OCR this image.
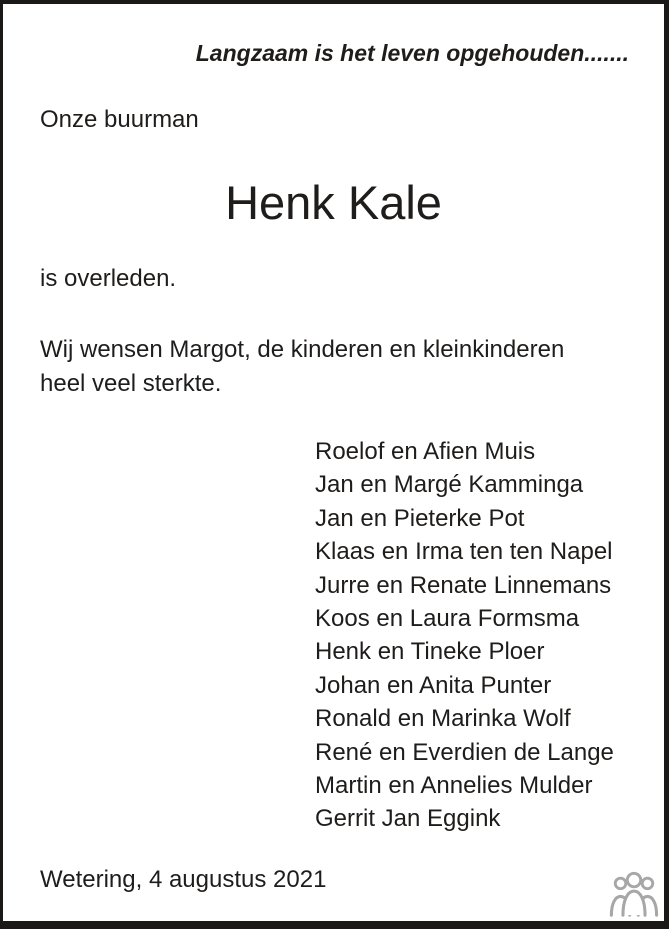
Langzaam is het leven opgehouden.......
Onze buurman
Henk Kale
is overleden.
Wij wensen Margot, de kinderen en kleinkinderen
heel veel sterkte.
Roelof en Afien Muis
Jan en Margé Kamminga
Jan en Pieterke Pot
Klaas en Irma ten ten Napel
Jurre en Renate Linnemans
Koos en Laura Formsma
Henk en Tineke Ploer
Johan en Anita Punter
Ronald en Marinka Wolf
René en Everdien de Lange
Martin en Annelies Mulder
Gerrit Jan Eggink
Wetering, 4 augustus 2021
